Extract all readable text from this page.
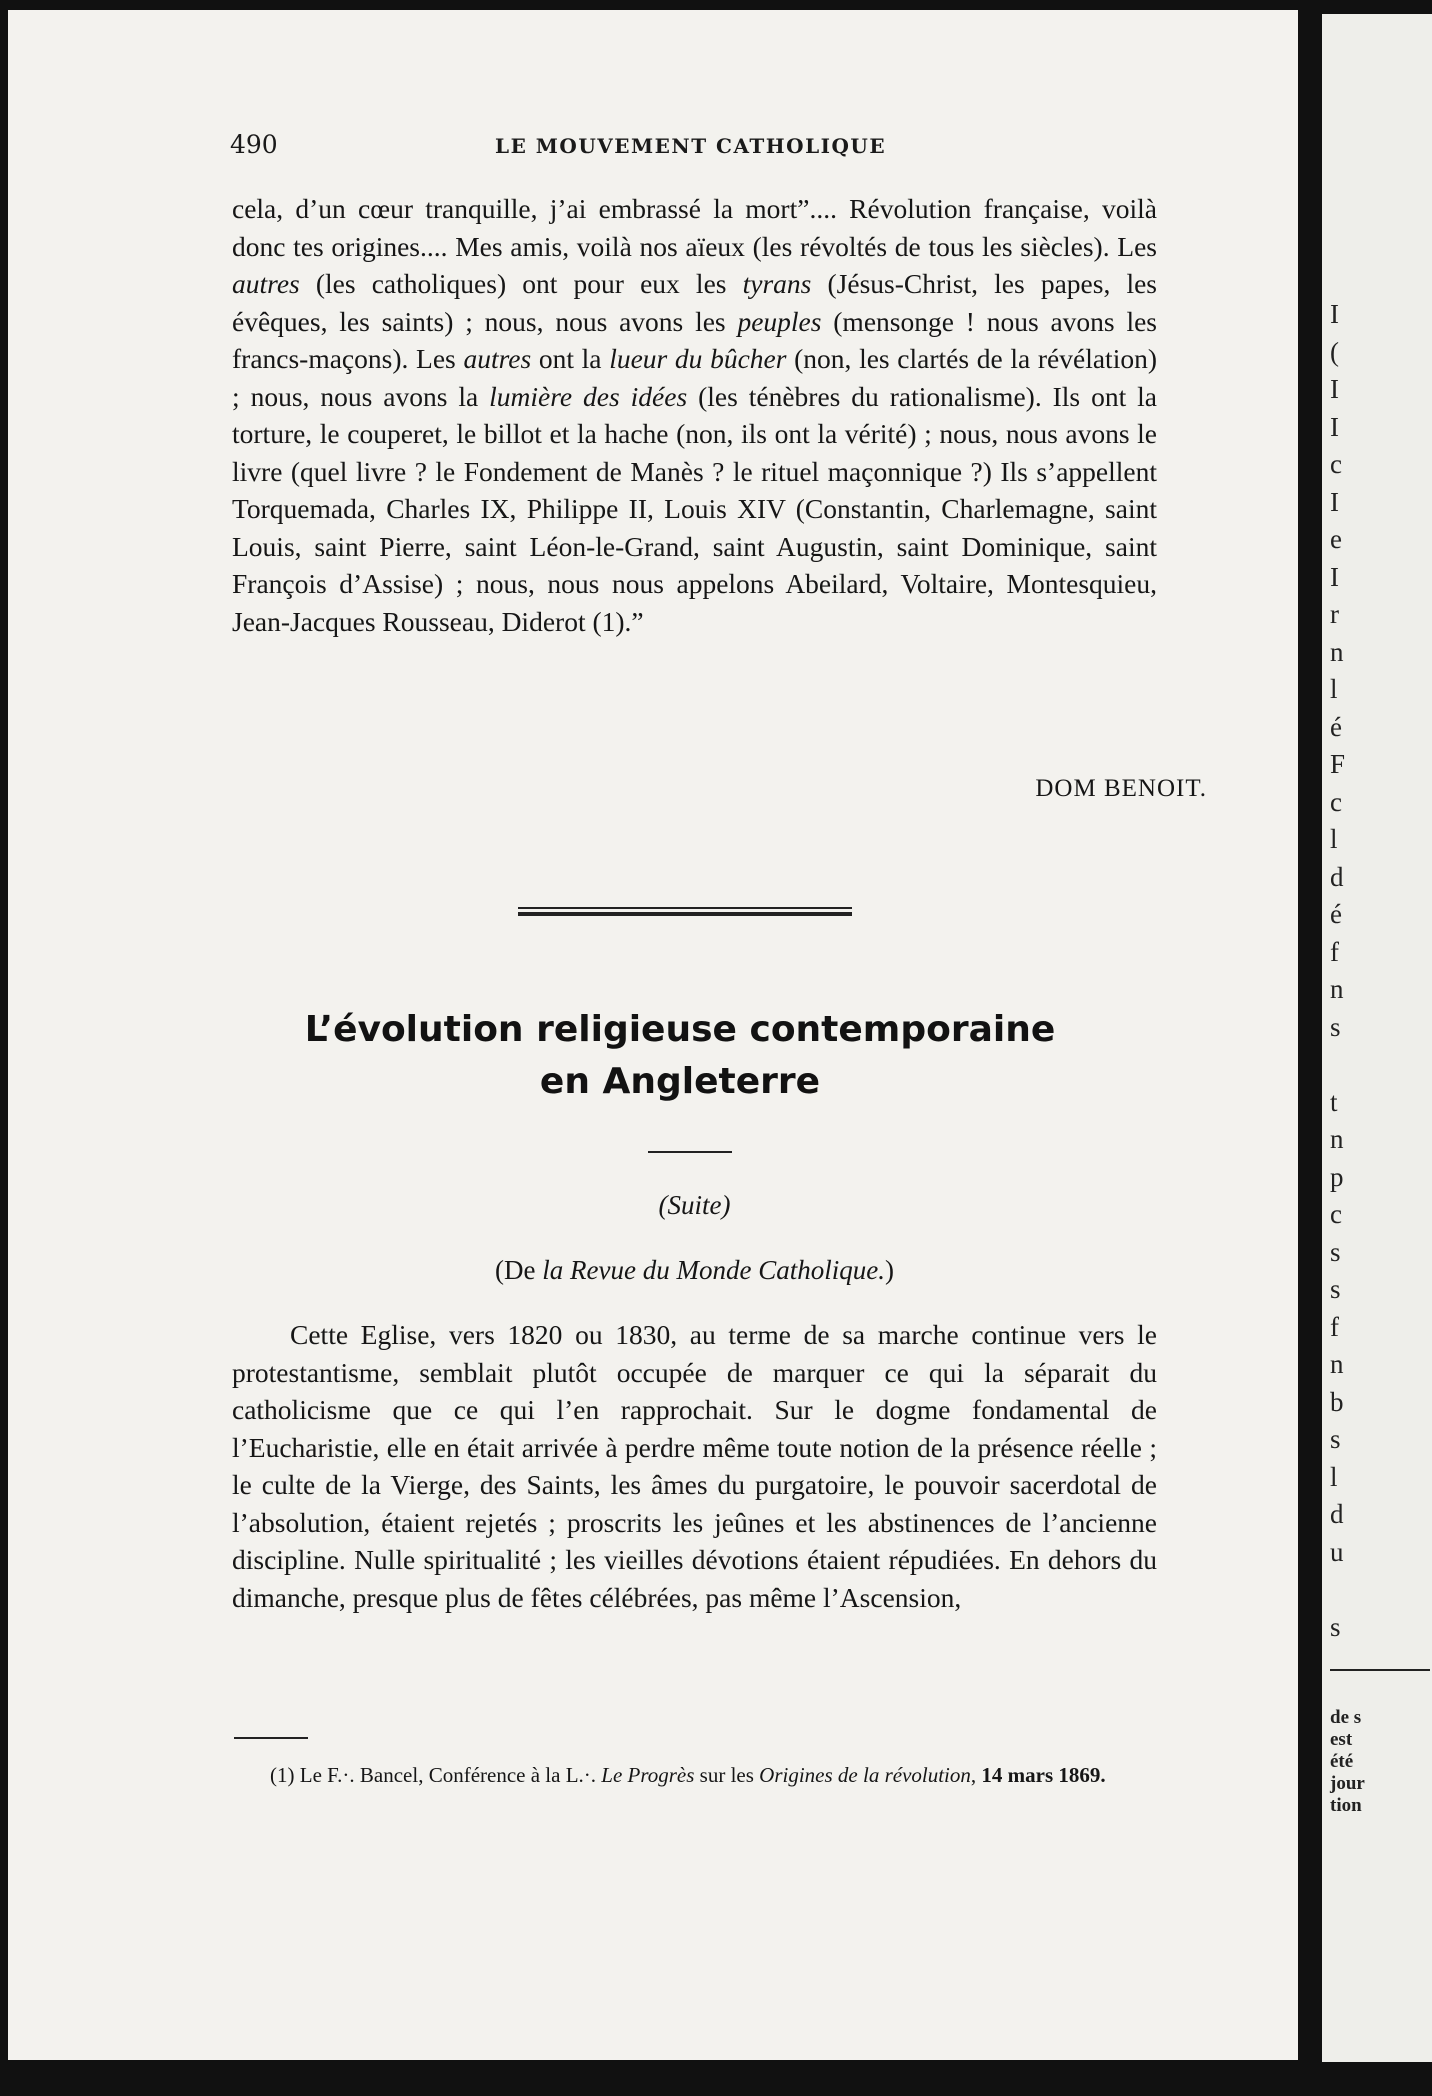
490	LE MOUVEMENT CATHOLIQUE

cela, d’un cœur tranquille, j’ai embrassé la mort”.... Révolution française, voilà donc tes origines.... Mes amis, voilà nos aïeux (les révoltés de tous les siècles). Les autres (les catholiques) ont pour eux les tyrans (Jésus-Christ, les papes, les évêques, les saints) ; nous, nous avons les peuples (mensonge ! nous avons les francs-maçons). Les autres ont la lueur du bûcher (non, les clartés de la révélation) ; nous, nous avons la lumière des idées (les ténèbres du rationalisme). Ils ont la torture, le couperet, le billot et la hache (non, ils ont la vérité) ; nous, nous avons le livre (quel livre ? le Fondement de Manès ? le rituel maçonnique ?) Ils s’appellent Torquemada, Charles IX, Philippe II, Louis XIV (Constantin, Charlemagne, saint Louis, saint Pierre, saint Léon-le-Grand, saint Augustin, saint Dominique, saint François d’Assise) ; nous, nous nous appelons Abeilard, Voltaire, Montesquieu, Jean-Jacques Rousseau, Diderot (1).”

DOM BENOIT.
L’évolution religieuse contemporaine
en Angleterre
(Suite)
(De la Revue du Monde Catholique.)

Cette Eglise, vers 1820 ou 1830, au terme de sa marche continue vers le protestantisme, semblait plutôt occupée de marquer ce qui la séparait du catholicisme que ce qui l’en rapprochait. Sur le dogme fondamental de l’Eucharistie, elle en était arrivée à perdre même toute notion de la présence réelle ; le culte de la Vierge, des Saints, les âmes du purgatoire, le pouvoir sacerdotal de l’absolution, étaient rejetés ; proscrits les jeûnes et les abstinences de l’ancienne discipline. Nulle spiritualité ; les vieilles dévotions étaient répudiées. En dehors du dimanche, presque plus de fêtes célébrées, pas même l’Ascension,

(1) Le F.·. Bancel, Conférence à la L.·. Le Progrès sur les Origines de la révolution, 14 mars 1869.
I
(
I
I
c
I
e
I
r
n
l
é
F
c
l
d
é
f
n
s

t
n
p
c
s
s
f
n
b
s
l
d
u

s
de s
est
été
jour
tion
